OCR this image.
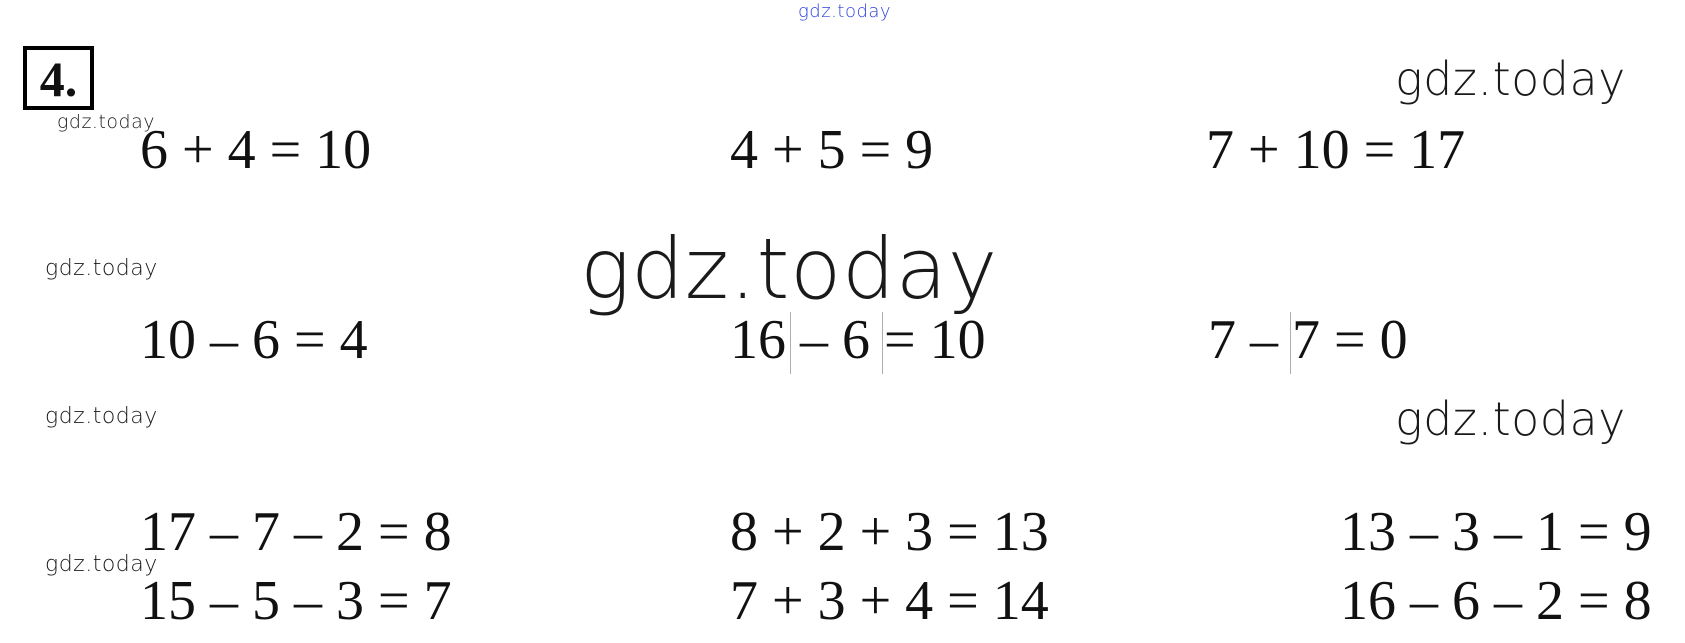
gdz.today
4.	gdz.today
gdz.today
6 + 4 = 10	4 + 5 = 9	7 + 10 = 17
gdz.today
gdz.today
10 – 6 = 4	16 – 6 = 10	7 – 7 = 0
gdz.today	gdz.today
17 – 7 – 2 = 8	8 + 2 + 3 = 13	13 – 3 – 1 = 9
gdz.today
15 – 5 – 3 = 7	7 + 3 + 4 = 14	16 – 6 – 2 = 8
